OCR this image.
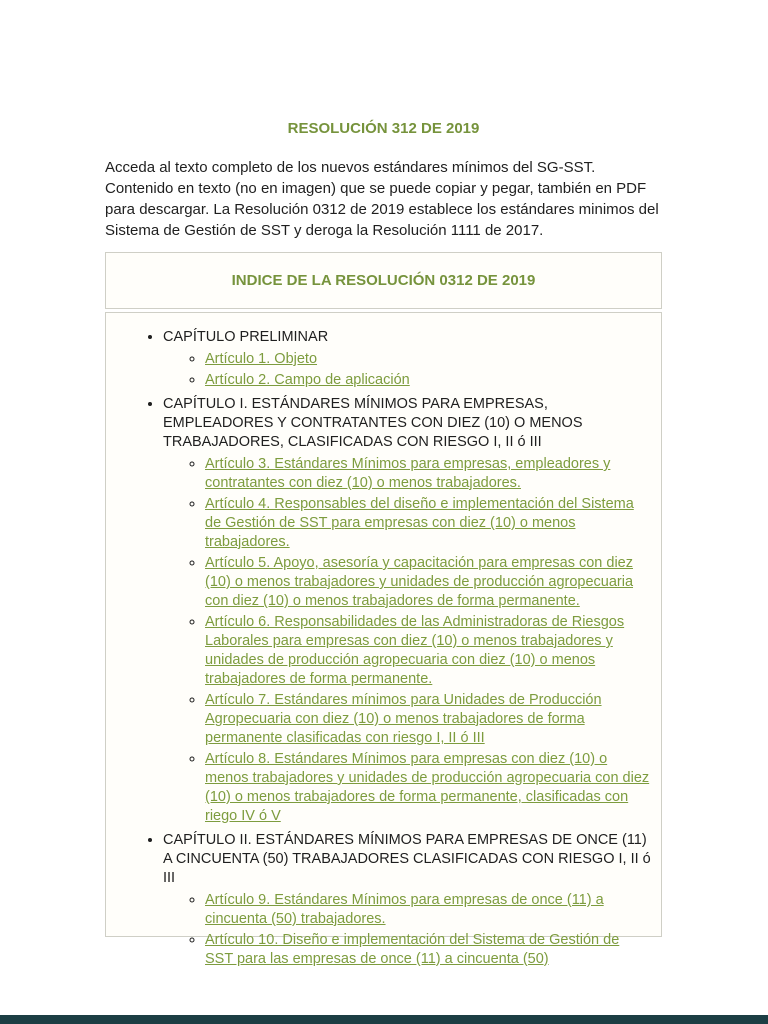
RESOLUCIÓN 312 DE 2019

Acceda al texto completo de los nuevos estándares mínimos del SG-SST. Contenido en texto (no en imagen) que se puede copiar y pegar, también en PDF para descargar. La Resolución 0312 de 2019 establece los estándares minimos del Sistema de Gestión de SST y deroga la Resolución 1111 de 2017.

INDICE DE LA RESOLUCIÓN 0312 DE 2019
• CAPÍTULO PRELIMINAR
◦ Artículo 1. Objeto
◦ Artículo 2. Campo de aplicación
• CAPÍTULO I. ESTÁNDARES MÍNIMOS PARA EMPRESAS, EMPLEADORES Y CONTRATANTES CON DIEZ (10) O MENOS TRABAJADORES, CLASIFICADAS CON RIESGO I, II ó III
◦ Artículo 3. Estándares Mínimos para empresas, empleadores y contratantes con diez (10) o menos trabajadores.
◦ Artículo 4. Responsables del diseño e implementación del Sistema de Gestión de SST para empresas con diez (10) o menos trabajadores.
◦ Artículo 5. Apoyo, asesoría y capacitación para empresas con diez (10) o menos trabajadores y unidades de producción agropecuaria con diez (10) o menos trabajadores de forma permanente.
◦ Artículo 6. Responsabilidades de las Administradoras de Riesgos Laborales para empresas con diez (10) o menos trabajadores y unidades de producción agropecuaria con diez (10) o menos trabajadores de forma permanente.
◦ Artículo 7. Estándares mínimos para Unidades de Producción Agropecuaria con diez (10) o menos trabajadores de forma permanente clasificadas con riesgo I, II ó III
◦ Artículo 8. Estándares Mínimos para empresas con diez (10) o menos trabajadores y unidades de producción agropecuaria con diez (10) o menos trabajadores de forma permanente, clasificadas con riego IV ó V
• CAPÍTULO II. ESTÁNDARES MÍNIMOS PARA EMPRESAS DE ONCE (11) A CINCUENTA (50) TRABAJADORES CLASIFICADAS CON RIESGO I, II ó III
◦ Artículo 9. Estándares Mínimos para empresas de once (11) a cincuenta (50) trabajadores.
◦ Artículo 10. Diseño e implementación del Sistema de Gestión de SST para las empresas de once (11) a cincuenta (50)
